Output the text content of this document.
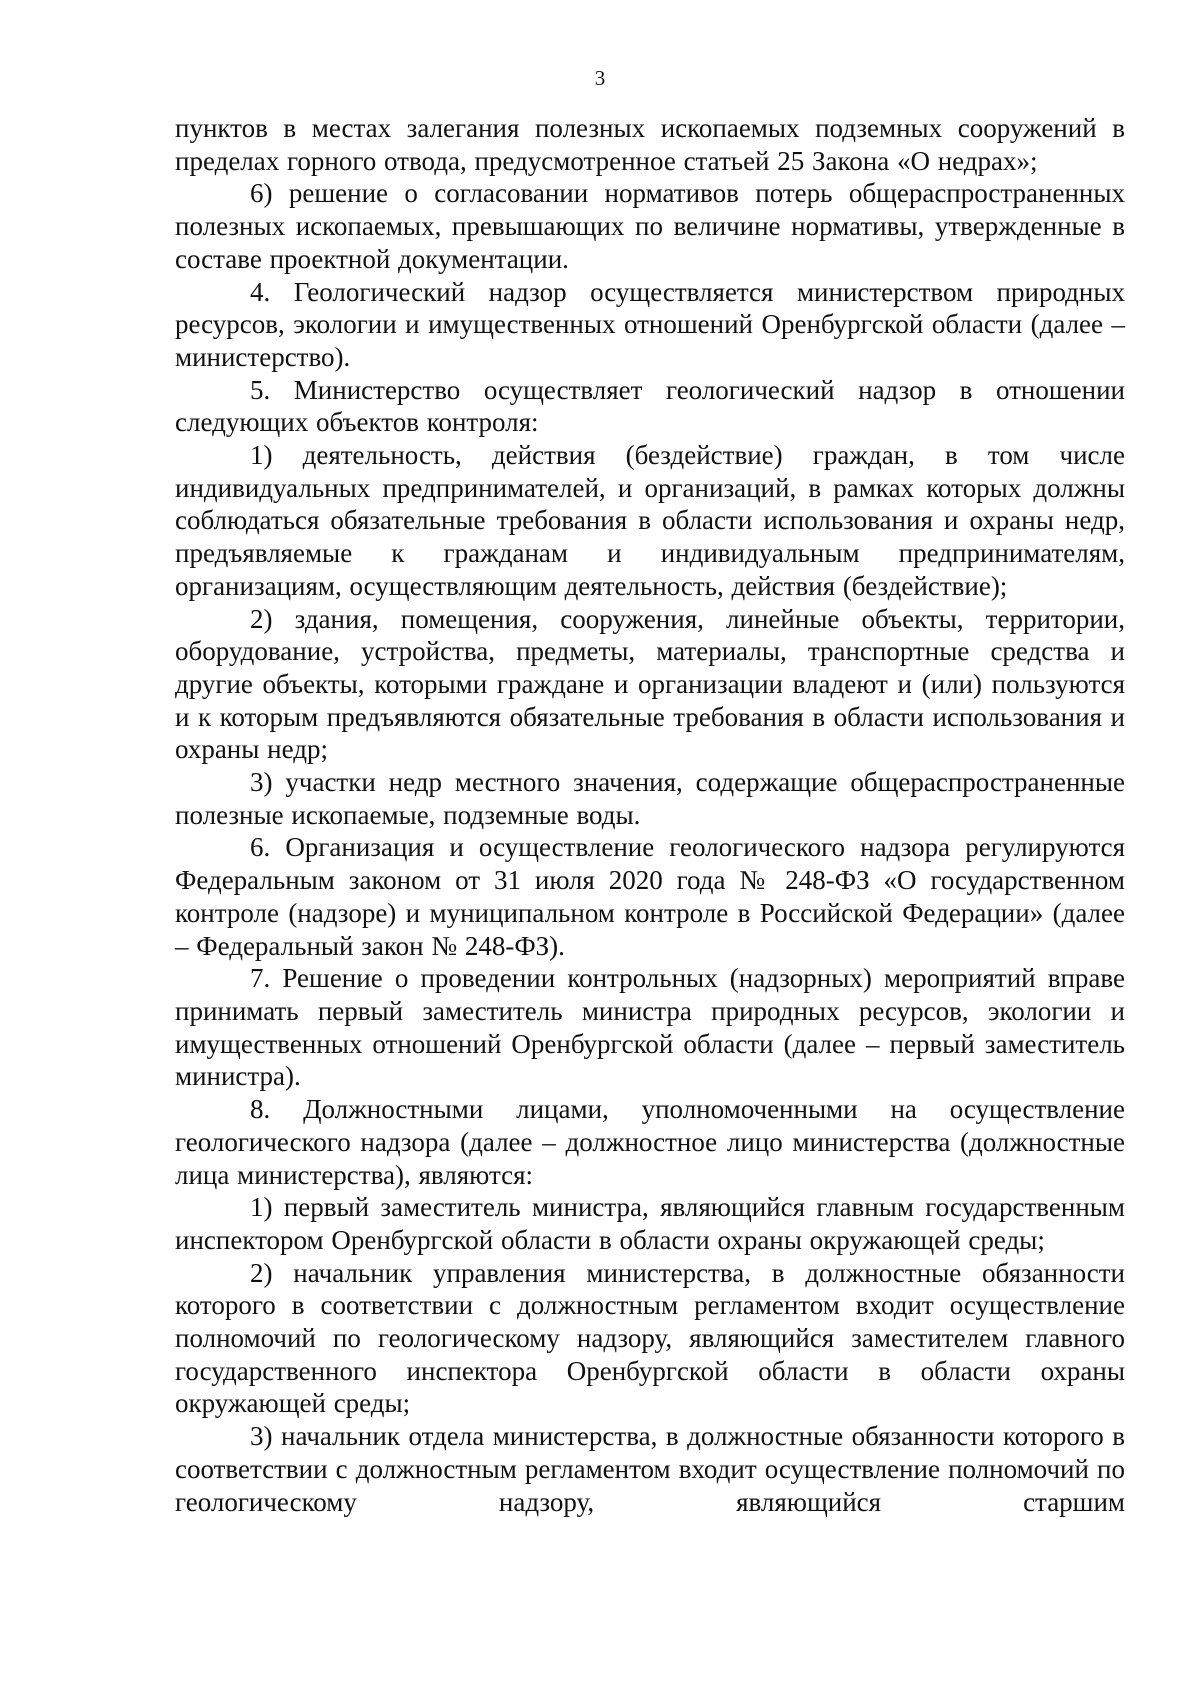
3

пунктов в местах залегания полезных ископаемых подземных сооружений в пределах горного отвода, предусмотренное статьей 25 Закона «О недрах»;

6) решение о согласовании нормативов потерь общераспространенных полезных ископаемых, превышающих по величине нормативы, утвержденные в составе проектной документации.

4. Геологический надзор осуществляется министерством природных ресурсов, экологии и имущественных отношений Оренбургской области (далее – министерство).

5. Министерство осуществляет геологический надзор в отношении следующих объектов контроля:

1) деятельность, действия (бездействие) граждан, в том числе индивидуальных предпринимателей, и организаций, в рамках которых должны соблюдаться обязательные требования в области использования и охраны недр, предъявляемые к гражданам и индивидуальным предпринимателям, организациям, осуществляющим деятельность, действия (бездействие);

2) здания, помещения, сооружения, линейные объекты, территории, оборудование, устройства, предметы, материалы, транспортные средства и другие объекты, которыми граждане и организации владеют и (или) пользуются и к которым предъявляются обязательные требования в области использования и охраны недр;

3) участки недр местного значения, содержащие общераспространенные полезные ископаемые, подземные воды.

6. Организация и осуществление геологического надзора регулируются Федеральным законом от 31 июля 2020 года № 248-ФЗ «О государственном контроле (надзоре) и муниципальном контроле в Российской Федерации» (далее – Федеральный закон № 248-ФЗ).

7. Решение о проведении контрольных (надзорных) мероприятий вправе принимать первый заместитель министра природных ресурсов, экологии и имущественных отношений Оренбургской области (далее – первый заместитель министра).

8. Должностными лицами, уполномоченными на осуществление геологического надзора (далее – должностное лицо министерства (должностные лица министерства), являются:

1) первый заместитель министра, являющийся главным государственным инспектором Оренбургской области в области охраны окружающей среды;

2) начальник управления министерства, в должностные обязанности которого в соответствии с должностным регламентом входит осуществление полномочий по геологическому надзору, являющийся заместителем главного государственного инспектора Оренбургской области в области охраны окружающей среды;

3) начальник отдела министерства, в должностные обязанности которого в соответствии с должностным регламентом входит осуществление полномочий по геологическому надзору, являющийся старшим
